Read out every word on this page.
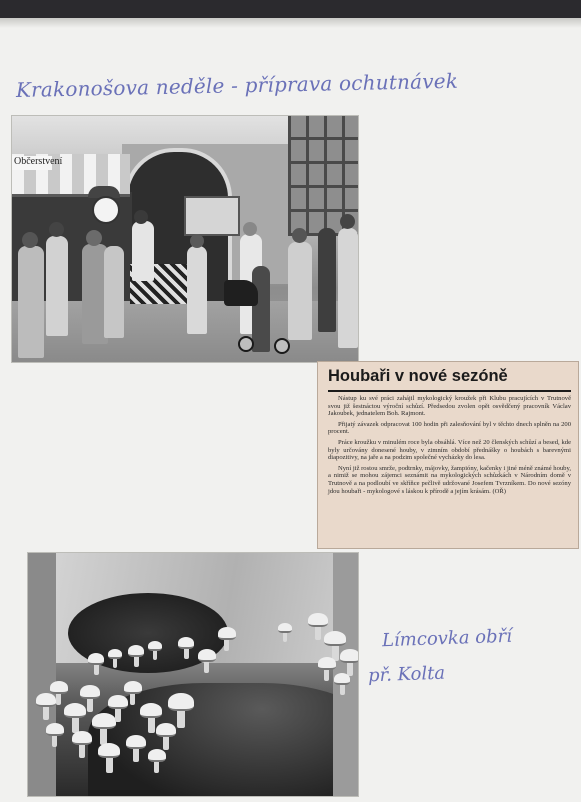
Krakonošova neděle - příprava ochutnávek
Občerstvení
Houbaři v nové sezóně

Nástup ku své práci zahájil mykologický kroužek při Klubu pracujících v Trutnově svou již šestnáctou výroční schůzí. Předsedou zvolen opět osvědčený pracovník Václav Jakoubek, jednatelem Boh. Rajmont.

Přijatý závazek odpracovat 100 hodin při zalesňování byl v těchto dnech splněn na 200 procent.

Práce kroužku v minulém roce byla obsáhlá. Více než 20 členských schůzí a besed, kde byly určovány donesené houby, v zimním období přednášky o houbách s barevnými diapozitivy, na jaře a na podzim společné vycházky do lesa.

Nyní již rostou smrže, podtrnky, májovky, žampióny, kačenky i jiné méně známé houby, a nimiž se mohou zájemci seznámit na mykologických schůzkách v Národním domě v Trutnově a na podloubí ve skříňce pečlivě udržované Josefem Tvrzníkem. Do nové sezóny jdou houbaři - mykologové s láskou k přírodě a jejím krásám. (OŘ)

Límcovka obří
př. Kolta
